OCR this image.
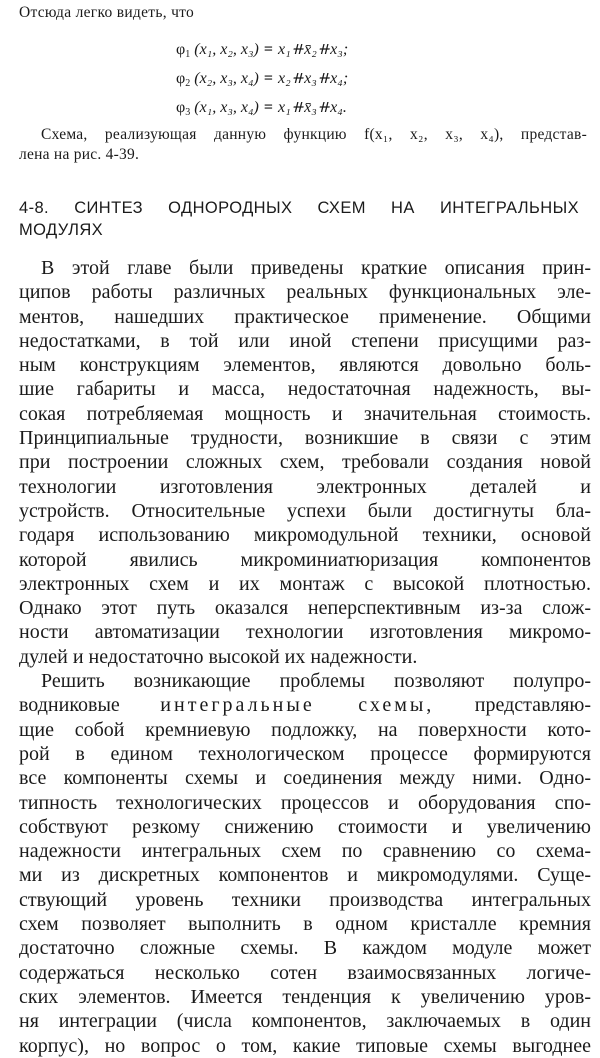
Отсюда легко видеть, что
$\varphi_1$ (x₁, x₂, x₃) = x₁⧺x̄₂⧺x₃;
$\varphi_2$ (x₂, x₃, x₄) = x₂⧺x₃⧺x₄;
$\varphi_3$ (x₁, x₃, x₄) = x₁⧺x̄₃⧺x₄.
Схема, реализующая данную функцию f(x₁, x₂, x₃, x₄), представ-
лена на рис. 4-39.
4-8. СИНТЕЗ ОДНОРОДНЫХ СХЕМ НА ИНТЕГРАЛЬНЫХ
МОДУЛЯХ
В этой главе были приведены краткие описания прин-
ципов работы различных реальных функциональных эле-
ментов, нашедших практическое применение. Общими
недостатками, в той или иной степени присущими раз-
ным конструкциям элементов, являются довольно боль-
шие габариты и масса, недостаточная надежность, вы-
сокая потребляемая мощность и значительная стоимость.
Принципиальные трудности, возникшие в связи с этим
при построении сложных схем, требовали создания новой
технологии изготовления электронных деталей и
устройств. Относительные успехи были достигнуты бла-
годаря использованию микромодульной техники, основой
которой явились микроминиатюризация компонентов
электронных схем и их монтаж с высокой плотностью.
Однако этот путь оказался неперспективным из-за слож-
ности автоматизации технологии изготовления микромо-
дулей и недостаточно высокой их надежности.
Решить возникающие проблемы позволяют полупро-
водниковые интегральные схемы, представляю-
щие собой кремниевую подложку, на поверхности кото-
рой в едином технологическом процессе формируются
все компоненты схемы и соединения между ними. Одно-
типность технологических процессов и оборудования спо-
собствуют резкому снижению стоимости и увеличению
надежности интегральных схем по сравнению со схема-
ми из дискретных компонентов и микромодулями. Суще-
ствующий уровень техники производства интегральных
схем позволяет выполнить в одном кристалле кремния
достаточно сложные схемы. В каждом модуле может
содержаться несколько сотен взаимосвязанных логиче-
ских элементов. Имеется тенденция к увеличению уров-
ня интеграции (числа компонентов, заключаемых в один
корпус), но вопрос о том, какие типовые схемы выгоднее
